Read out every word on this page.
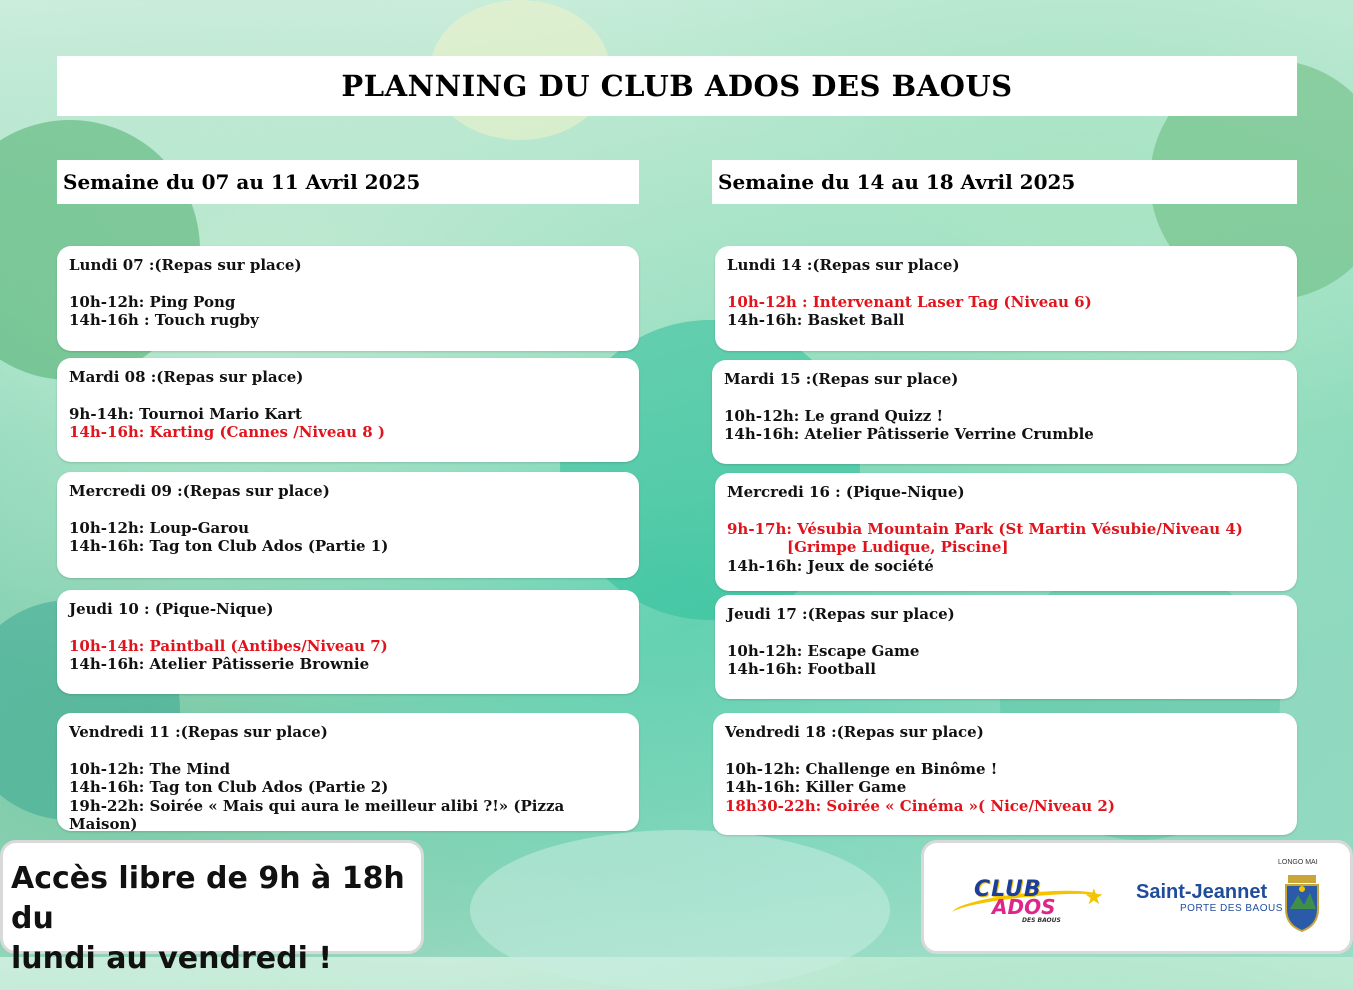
PLANNING DU CLUB ADOS DES BAOUS
Semaine du 07 au 11 Avril 2025
Lundi 07 :(Repas sur place)
10h-12h: Ping Pong
14h-16h : Touch rugby
Mardi 08 :(Repas sur place)
9h-14h: Tournoi Mario Kart
14h-16h: Karting (Cannes /Niveau 8 )
Mercredi 09 :(Repas sur place)
10h-12h: Loup-Garou
14h-16h: Tag ton Club Ados (Partie 1)
Jeudi 10 : (Pique-Nique)
10h-14h: Paintball (Antibes/Niveau 7)
14h-16h: Atelier Pâtisserie Brownie
Vendredi 11 :(Repas sur place)
10h-12h: The Mind
14h-16h: Tag ton Club Ados (Partie 2)
19h-22h: Soirée « Mais qui aura le meilleur alibi ?!» (Pizza Maison)
Semaine du 14 au 18 Avril 2025
Lundi 14 :(Repas sur place)
10h-12h : Intervenant Laser Tag (Niveau 6)
14h-16h: Basket Ball
Mardi 15 :(Repas sur place)
10h-12h: Le grand Quizz !
14h-16h: Atelier Pâtisserie Verrine Crumble
Mercredi 16 : (Pique-Nique)
9h-17h: Vésubia Mountain Park (St Martin Vésubie/Niveau 4)
[Grimpe Ludique, Piscine]
14h-16h: Jeux de société
Jeudi 17 :(Repas sur place)
10h-12h: Escape Game
14h-16h: Football
Vendredi 18 :(Repas sur place)
10h-12h: Challenge en Binôme !
14h-16h: Killer Game
18h30-22h: Soirée « Cinéma »( Nice/Niveau 2)
Accès libre de 9h à 18h du
lundi au vendredi !
CLUB
ADOS
DES BAOUS
★ Saint-Jeannet
PORTE DES BAOUS
LONGO MAI
